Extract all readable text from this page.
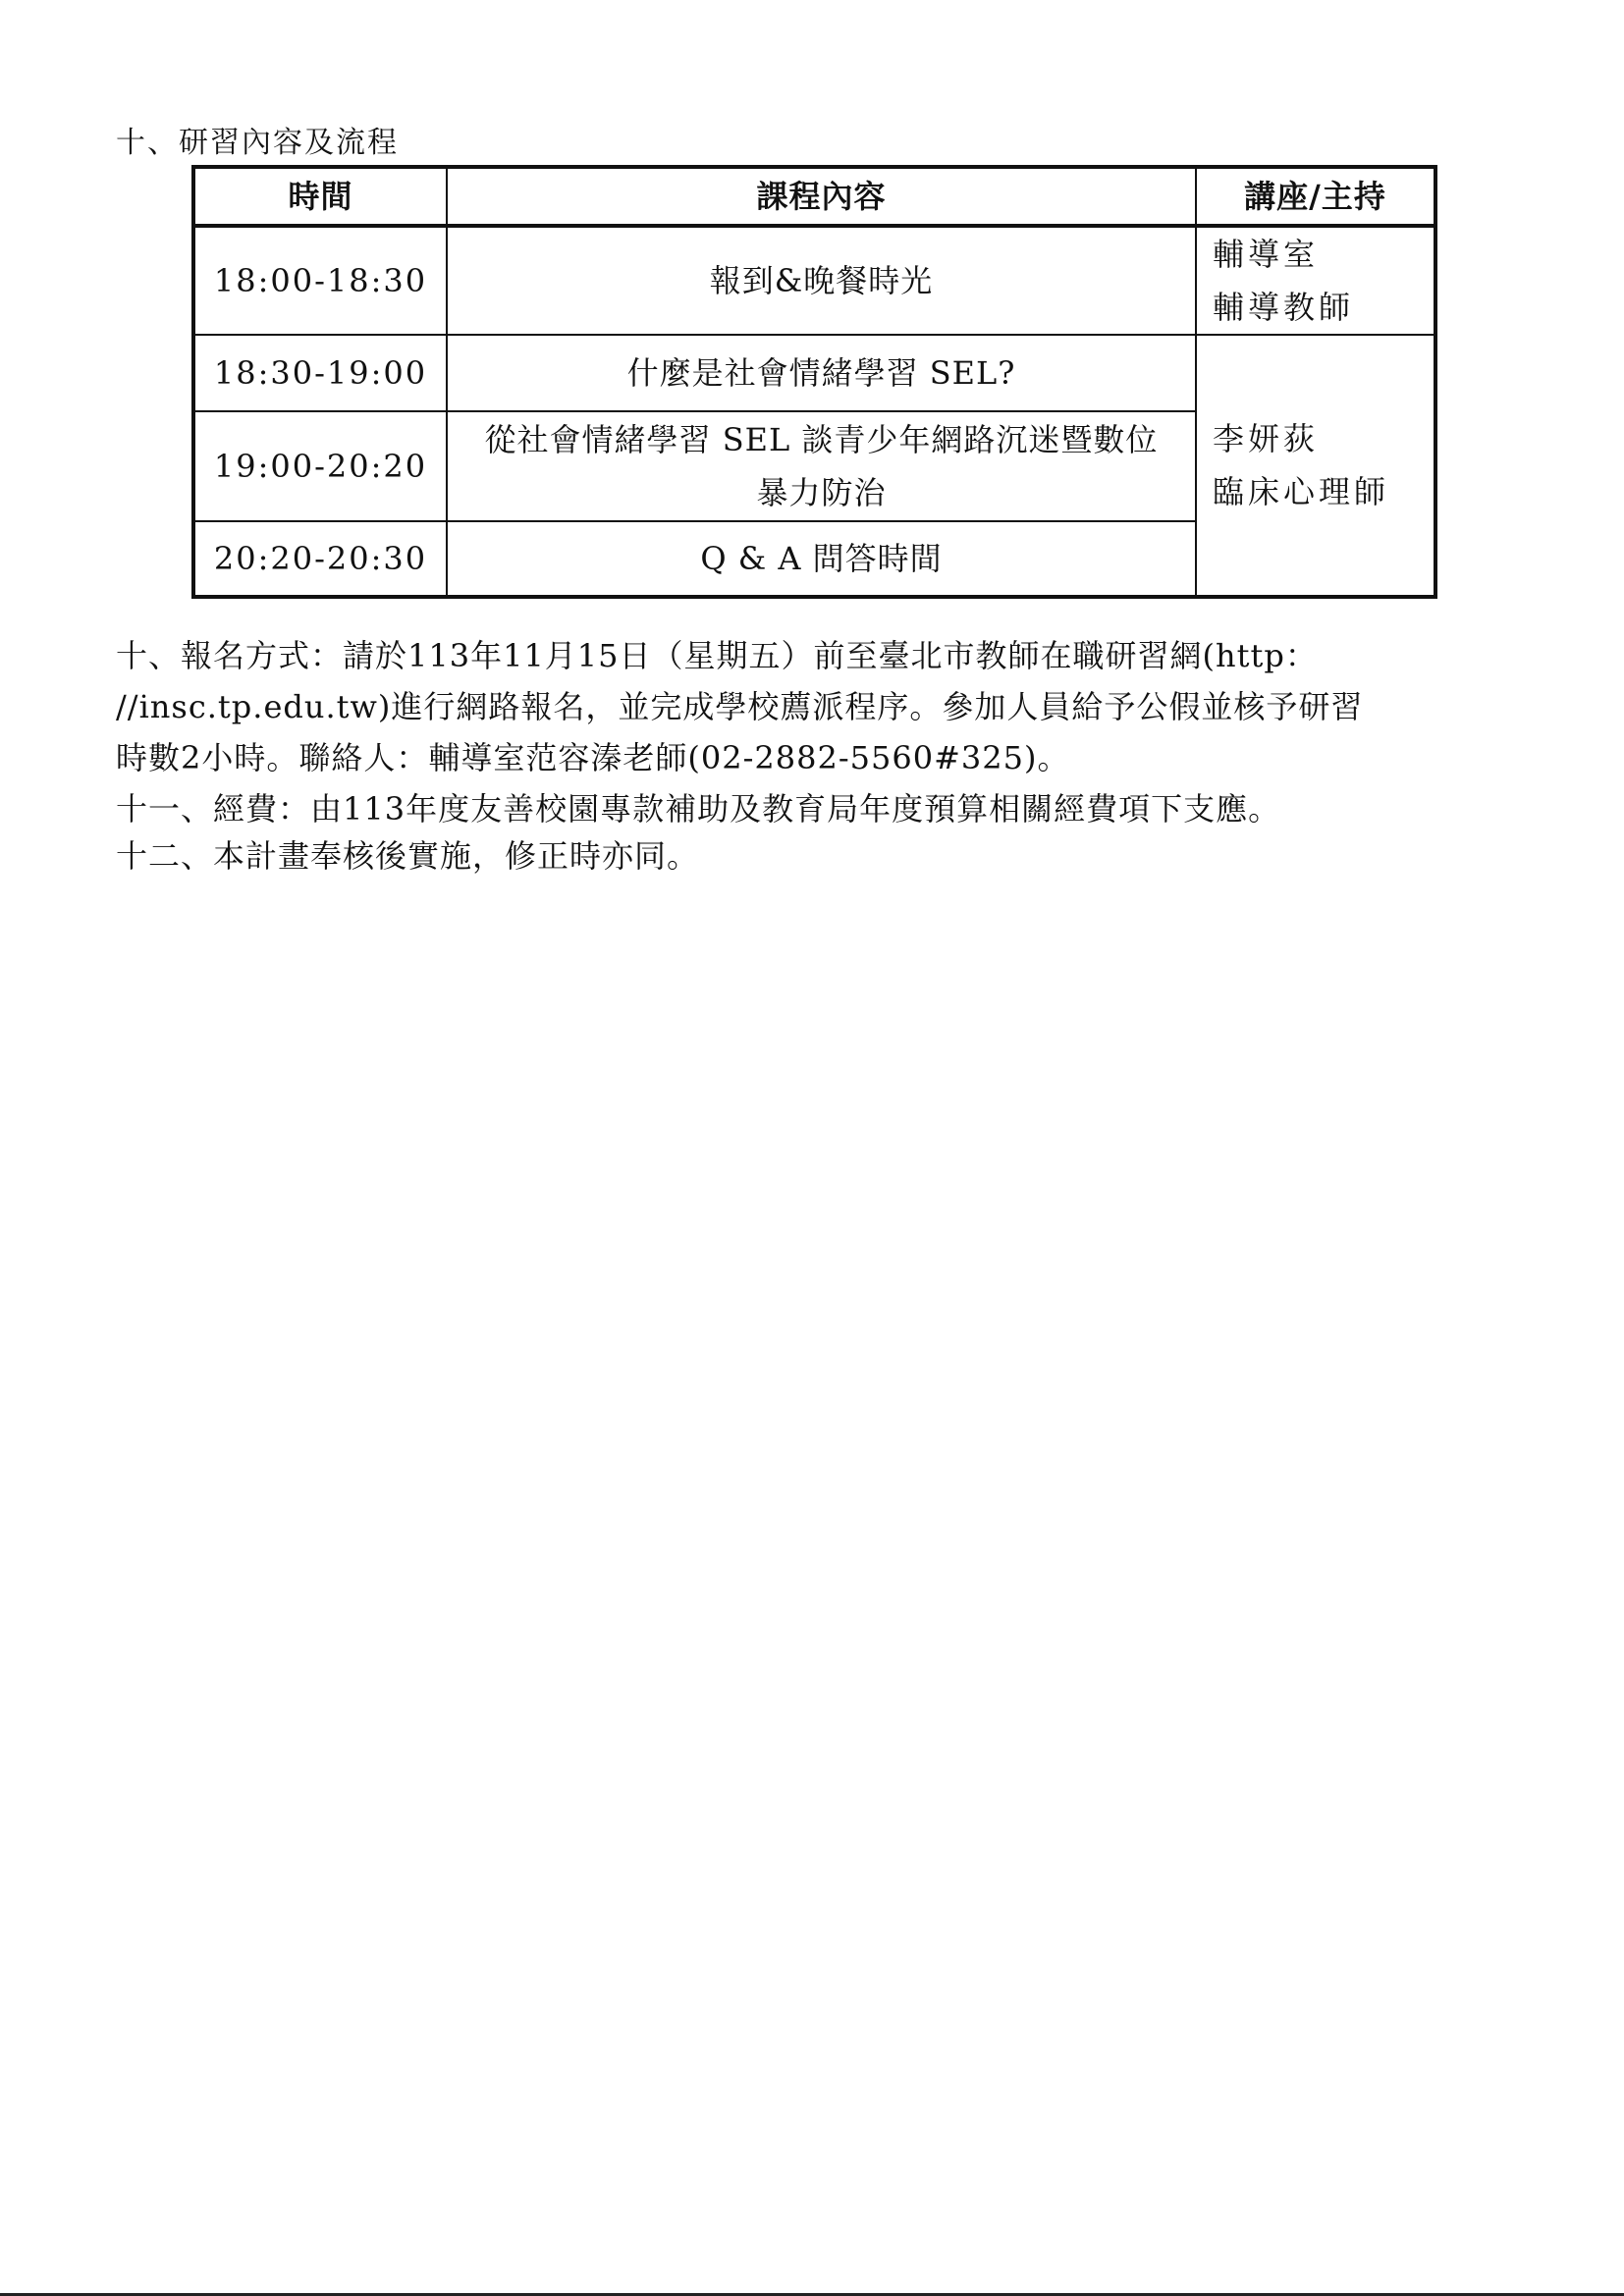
十、研習內容及流程
時間	課程內容	講座/主持
18:00-18:30	報到&晚餐時光	輔導室
輔導教師

18:30-19:00	什麼是社會情緒學習 SEL?	李妍荻
臨床心理師

19:00-20:20	從社會情緒學習 SEL 談青少年網路沉迷暨數位
暴力防治	

20:20-20:30	Q & A 問答時間	
十、報名方式：請於113年11月15日（星期五）前至臺北市教師在職研習網(http：
//insc.tp.edu.tw)進行網路報名，並完成學校薦派程序。參加人員給予公假並核予研習
時數2小時。聯絡人：輔導室范容溱老師(02-2882-5560#325)。
十一、經費：由113年度友善校園專款補助及教育局年度預算相關經費項下支應。
十二、本計畫奉核後實施，修正時亦同。
